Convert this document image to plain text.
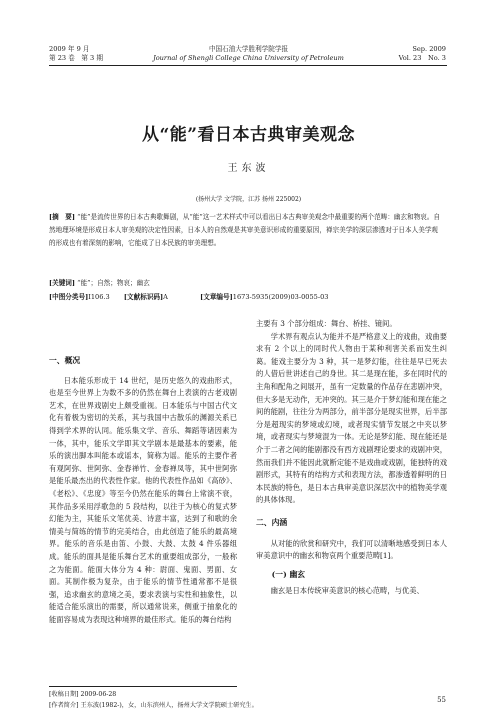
2009 年 9 月
第 23 卷　第 3 期
中国石油大学胜利学院学报
Journal of Shengli College China University of Petroleum
Sep. 2009
Vol. 23　No. 3
从“能”看日本古典审美观念
王东波
(扬州大学 文学院，江苏 扬州 225002)
[摘　要] “能”是流传世界的日本古典歌舞剧，从“能”这一艺术样式中可以看出日本古典审美观念中最重要的两个范畴：幽玄和物哀。自然地理环境是形成日本人审美观的决定性因素，日本人的自然观是其审美意识形成的重要原因，禅宗美学的深层渗透对于日本人美学观的形成也有着深刻的影响，它能成了日本民族的审美理想。
[关键词] “能”；自然；物哀；幽玄
[中图分类号]I106.3 [文献标识码]A	[文章编号]1673-5935(2009)03-0055-03
一、概况

日本能乐形成于 14 世纪，是历史悠久的戏曲形式，也是至今世界上为数不多的仍然在舞台上表演的古老戏剧艺术，在世界戏剧史上颇受重视。日本能乐与中国古代文化有着极为密切的关系，其与我国中古散乐的渊源关系已得到学术界的认同。能乐集文学、音乐、舞蹈等诸因素为一体，其中，能乐文学即其文学剧本是最基本的要素，能乐的演出脚本叫能本或谣本，简称为谣。能乐的主要作者有观阿弥、世阿弥、金春禅竹、金春禅凤等，其中世阿弥是能乐最杰出的代表性作家。他的代表性作品如《高砂》、《老松》、《忠度》等至今仍然在能乐的舞台上常演不衰，其作品多采用浮歌急的 5 段结构，以往于为核心的复式梦幻能为主，其能乐文笔优美、诗意丰富，达到了和歌的余情美与简练的情节的完美结合，由此创造了能乐的最高境界。能乐的音乐是由笛、小鼓、大鼓、太鼓 4 件乐器组成。能乐的面具是能乐舞台艺术的重要组成部分，一般称之为能面。能面大体分为 4 种：尉面、鬼面、男面、女面。其制作极为复杂，由于能乐的情节性通常都不是很强，追求幽玄的意境之美，要求表演与实性和抽象性，以能适合能乐演出的需要，所以通常说来，侧重于抽象化的能面容易成为表现这种境界的最佳形式。能乐的舞台结构

主要有 3 个部分组成：舞台、桥挂、镜间。

学术界有观点认为能并不是严格意义上的戏曲，戏曲要求有 2 个以上的同时代人物由于某种利害关系而发生纠葛。能戏主要分为 3 种，其一是梦幻能，往往是早已死去的人借后世讲述自己的身世。其二是现在能，多在同时代的主角和配角之间展开，虽有一定数量的作品存在悲剧冲突，但大多是无动作，无冲突的。其三是介于梦幻能和现在能之间的能剧，往往分为两部分，前半部分是现实世界，后半部分是超现实的梦境或幻境，或者现实情节发展之中夹以梦境，或者现实与梦境混为一体。无论是梦幻能、现在能还是介于二者之间的能剧都没有西方戏剧理论要求的戏剧冲突，然而我们并不能因此就断定能不是戏曲或戏剧，能独特的戏剧形式，其特有的结构方式和表现方法，都渗透着鲜明的日本民族的特色，是日本古典审美意识深层次中的植物美学观的具体体现。

二、内涵

从对能的欣赏和研究中，我们可以清晰地感受到日本人审美意识中的幽玄和物哀两个重要范畴[1]。

(一) 幽玄

幽玄是日本传统审美意识的核心范畴，与优美、

[收稿日期] 2009-06-28
[作者简介] 王东波(1982-)，女，山东滨州人，扬州大学文学院硕士研究生。
55
